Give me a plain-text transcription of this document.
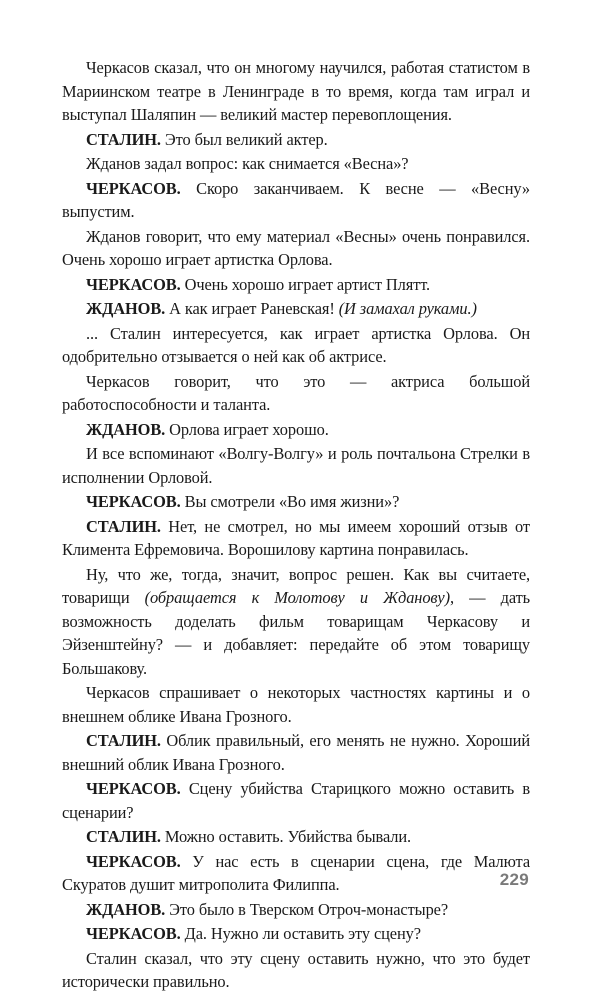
Черкасов сказал, что он многому научился, работая статистом в Мариинском театре в Ленинграде в то время, когда там играл и выступал Шаляпин — великий мастер перевоплощения.

СТАЛИН. Это был великий актер.

Жданов задал вопрос: как снимается «Весна»?

ЧЕРКАСОВ. Скоро заканчиваем. К весне — «Весну» выпустим.

Жданов говорит, что ему материал «Весны» очень понравился. Очень хорошо играет артистка Орлова.

ЧЕРКАСОВ. Очень хорошо играет артист Плятт.

ЖДАНОВ. А как играет Раневская! (И замахал руками.)

... Сталин интересуется, как играет артистка Орлова. Он одобрительно отзывается о ней как об актрисе.

Черкасов говорит, что это — актриса большой работоспособности и таланта.

ЖДАНОВ. Орлова играет хорошо.

И все вспоминают «Волгу-Волгу» и роль почтальона Стрелки в исполнении Орловой.

ЧЕРКАСОВ. Вы смотрели «Во имя жизни»?

СТАЛИН. Нет, не смотрел, но мы имеем хороший отзыв от Климента Ефремовича. Ворошилову картина понравилась.

Ну, что же, тогда, значит, вопрос решен. Как вы считаете, товарищи (обращается к Молотову и Жданову), — дать возможность доделать фильм товарищам Черкасову и Эйзенштейну? — и добавляет: передайте об этом товарищу Большакову.

Черкасов спрашивает о некоторых частностях картины и о внешнем облике Ивана Грозного.

СТАЛИН. Облик правильный, его менять не нужно. Хороший внешний облик Ивана Грозного.

ЧЕРКАСОВ. Сцену убийства Старицкого можно оставить в сценарии?

СТАЛИН. Можно оставить. Убийства бывали.

ЧЕРКАСОВ. У нас есть в сценарии сцена, где Малюта Скуратов душит митрополита Филиппа.

ЖДАНОВ. Это было в Тверском Отроч-монастыре?

ЧЕРКАСОВ. Да. Нужно ли оставить эту сцену?

Сталин сказал, что эту сцену оставить нужно, что это будет исторически правильно.

229
